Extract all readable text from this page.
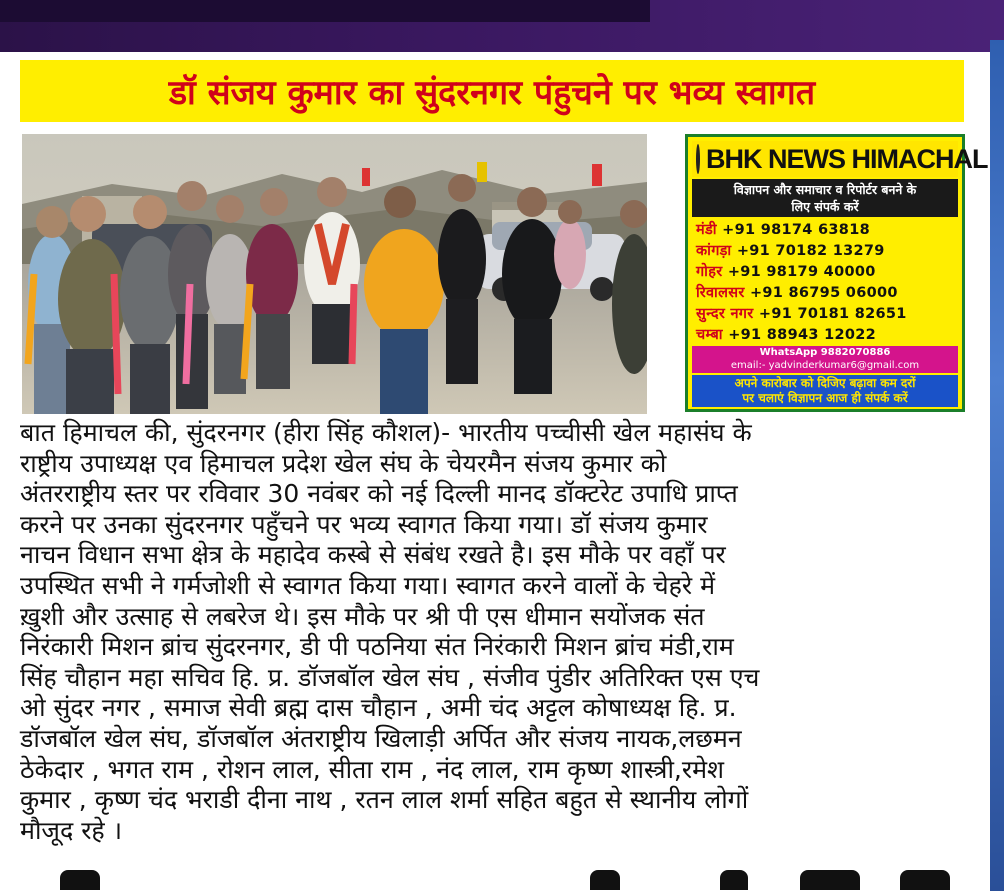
डॉ संजय कुमार का सुंदरनगर पंहुचने पर भव्य स्वागत
BHK NEWS HIMACHAL
विज्ञापन और समाचार व रिपोर्टर बनने के
लिए संपर्क करें
मंडी +91 98174 63818
कांगड़ा +91 70182 13279
गोहर +91 98179 40000
रिवालसर +91 86795 06000
सुन्दर नगर +91 70181 82651
चम्बा +91 88943 12022
WhatsApp 9882070886
email:- yadvinderkumar6@gmail.com
अपने कारोबार को दिजिए बढ़ावा कम दरों
पर चलाएं विज्ञापन आज ही संपर्क करें
बात हिमाचल की, सुंदरनगर (हीरा सिंह कौशल)- भारतीय पच्चीसी खेल महासंघ के
राष्ट्रीय उपाध्यक्ष एव हिमाचल प्रदेश खेल संघ के चेयरमैन संजय कुमार को
अंतरराष्ट्रीय स्तर पर रविवार 30 नवंबर को नई दिल्ली मानद डॉक्टरेट उपाधि प्राप्त
करने पर उनका सुंदरनगर पहुँचने पर भव्य स्वागत किया गया। डॉ संजय कुमार
नाचन विधान सभा क्षेत्र के महादेव कस्बे से संबंध रखते है। इस मौके पर वहाँ पर
उपस्थित सभी ने गर्मजोशी से स्वागत किया गया। स्वागत करने वालों के चेहरे में
ख़ुशी और उत्साह से लबरेज थे। इस मौके पर श्री पी एस धीमान सयोंजक संत
निरंकारी मिशन ब्रांच सुंदरनगर, डी पी पठनिया संत निरंकारी मिशन ब्रांच मंडी,राम
सिंह चौहान महा सचिव हि. प्र. डॉजबॉल खेल संघ , संजीव पुंडीर अतिरिक्त एस एच
ओ सुंदर नगर , समाज सेवी ब्रह्म दास चौहान , अमी चंद अट्टल कोषाध्यक्ष हि. प्र.
डॉजबॉल खेल संघ, डॉजबॉल अंतराष्ट्रीय खिलाड़ी अर्पित और संजय नायक,लछमन
ठेकेदार , भगत राम , रोशन लाल, सीता राम , नंद लाल, राम कृष्ण शास्त्री,रमेश
कुमार , कृष्ण चंद भराडी दीना नाथ , रतन लाल शर्मा सहित बहुत से स्थानीय लोगों
मौजूद रहे ।
